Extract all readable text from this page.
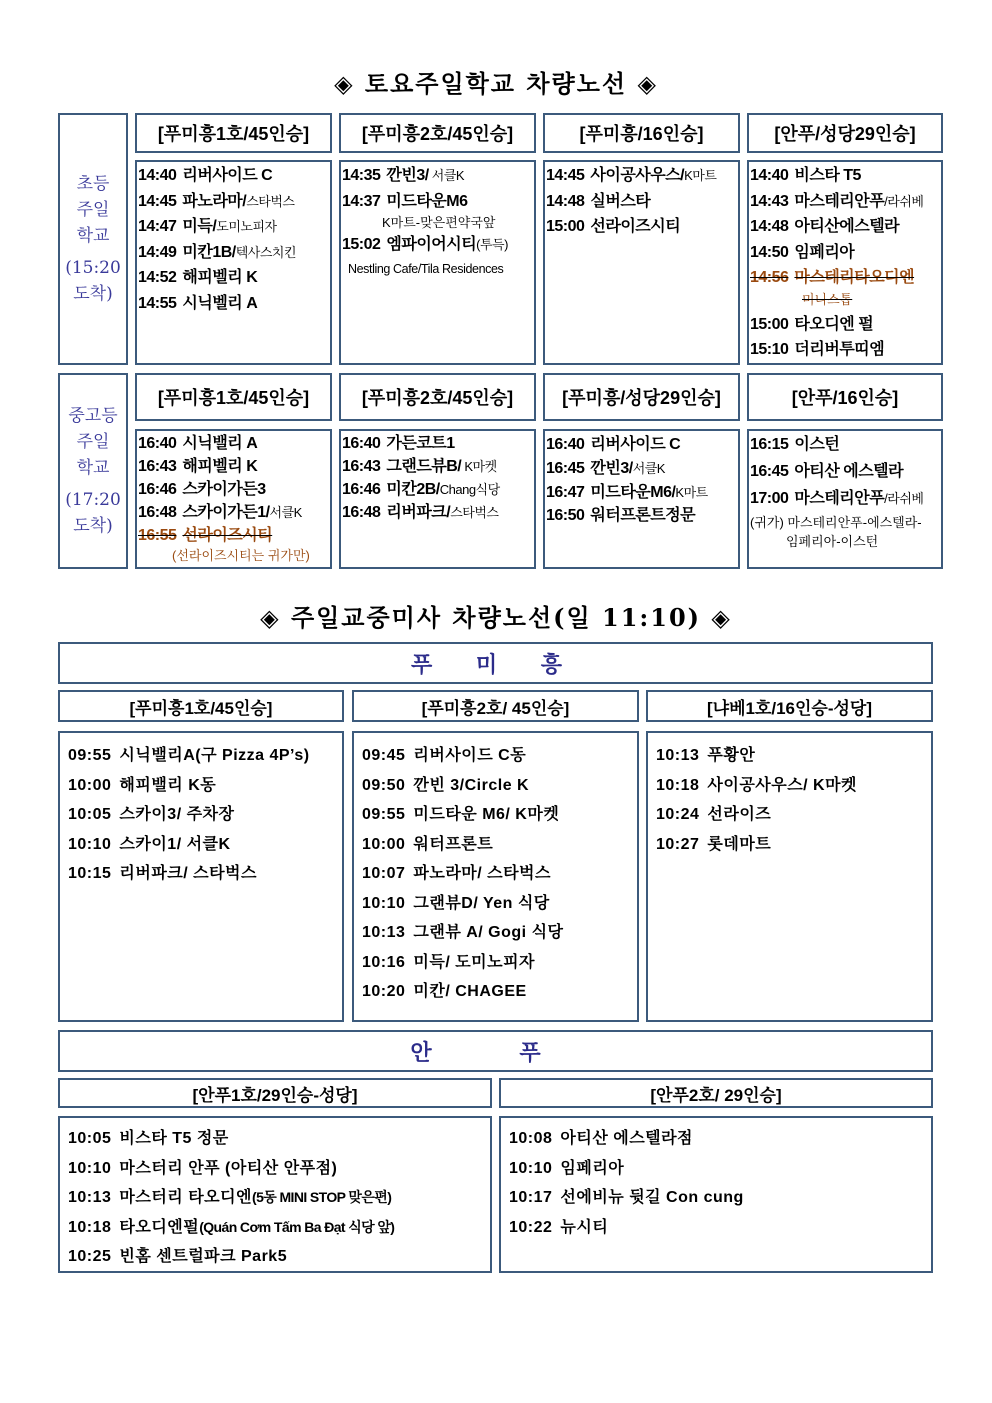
◈ 토요주일학교 차량노선 ◈
초등
주일
학교
(15:20
도착)
[푸미흥1호/45인승]
14:40 리버사이드 C
14:45 파노라마/스타벅스
14:47 미득/도미노피자
14:49 미칸1B/텍사스치킨
14:52 해피벨리 K
14:55 시닉벨리 A
[푸미흥2호/45인승]
14:35 깐빈3/ 서클K
14:37 미드타운M6
K마트-맞은편약국앞
15:02 엠파이어시티(투득)
Nestling Cafe/Tila Residences
[푸미흥/16인승]
14:45 사이공사우스/K마트
14:48 실버스타
15:00 선라이즈시티
[안푸/성당29인승]
14:40 비스타 T5
14:43 마스테리안푸/라쉬베
14:48 아티산에스텔라
14:50 임페리아
14:56 마스테리타오디엔
미니스톱
15:00 타오디엔 펄
15:10 더리버투띠엠
중고등
주일
학교
(17:20
도착)
[푸미흥1호/45인승]
16:40 시닉밸리 A
16:43 해피벨리 K
16:46 스카이가든3
16:48 스카이가든1/서클K
16:55 선라이즈시티
(선라이즈시티는 귀가만)
[푸미흥2호/45인승]
16:40 가든코트1
16:43 그랜드뷰B/ K마켓
16:46 미칸2B/Chang식당
16:48 리버파크/스타벅스
[푸미흥/성당29인승]
16:40 리버사이드 C
16:45 깐빈3/서클K
16:47 미드타운M6/K마트
16:50 워터프론트정문
[안푸/16인승]
16:15 이스턴
16:45 아티산 에스텔라
17:00 마스테리안푸/라쉬베
(귀가) 마스테리안푸-에스텔라-
임페리아-이스턴
◈ 주일교중미사 차량노선(일 11:10) ◈
푸 미 흥
[푸미흥1호/45인승]
09:55 시닉밸리A(구 Pizza 4P’s)
10:00 해피밸리 K동
10:05 스카이3/ 주차장
10:10 스카이1/ 서클K
10:15 리버파크/ 스타벅스
[푸미흥2호/ 45인승]
09:45 리버사이드 C동
09:50 깐빈 3/Circle K
09:55 미드타운 M6/ K마켓
10:00 워터프론트
10:07 파노라마/ 스타벅스
10:10 그랜뷰D/ Yen 식당
10:13 그랜뷰 A/ Gogi 식당
10:16 미득/ 도미노피자
10:20 미칸/ CHAGEE
[냐베1호/16인승-성당]
10:13 푸황안
10:18 사이공사우스/ K마켓
10:24 선라이즈
10:27 롯데마트
안 푸
[안푸1호/29인승-성당]
10:05 비스타 T5 정문
10:10 마스터리 안푸 (아티산 안푸점)
10:13 마스터리 타오디엔(5동 MINI STOP 맞은편)
10:18 타오디엔펄(Quán Cơm Tấm Ba Đạt 식당 앞)
10:25 빈홈 센트럴파크 Park5
[안푸2호/ 29인승]
10:08 아티산 에스텔라점
10:10 임페리아
10:17 선에비뉴 뒷길 Con cung
10:22 뉴시티
